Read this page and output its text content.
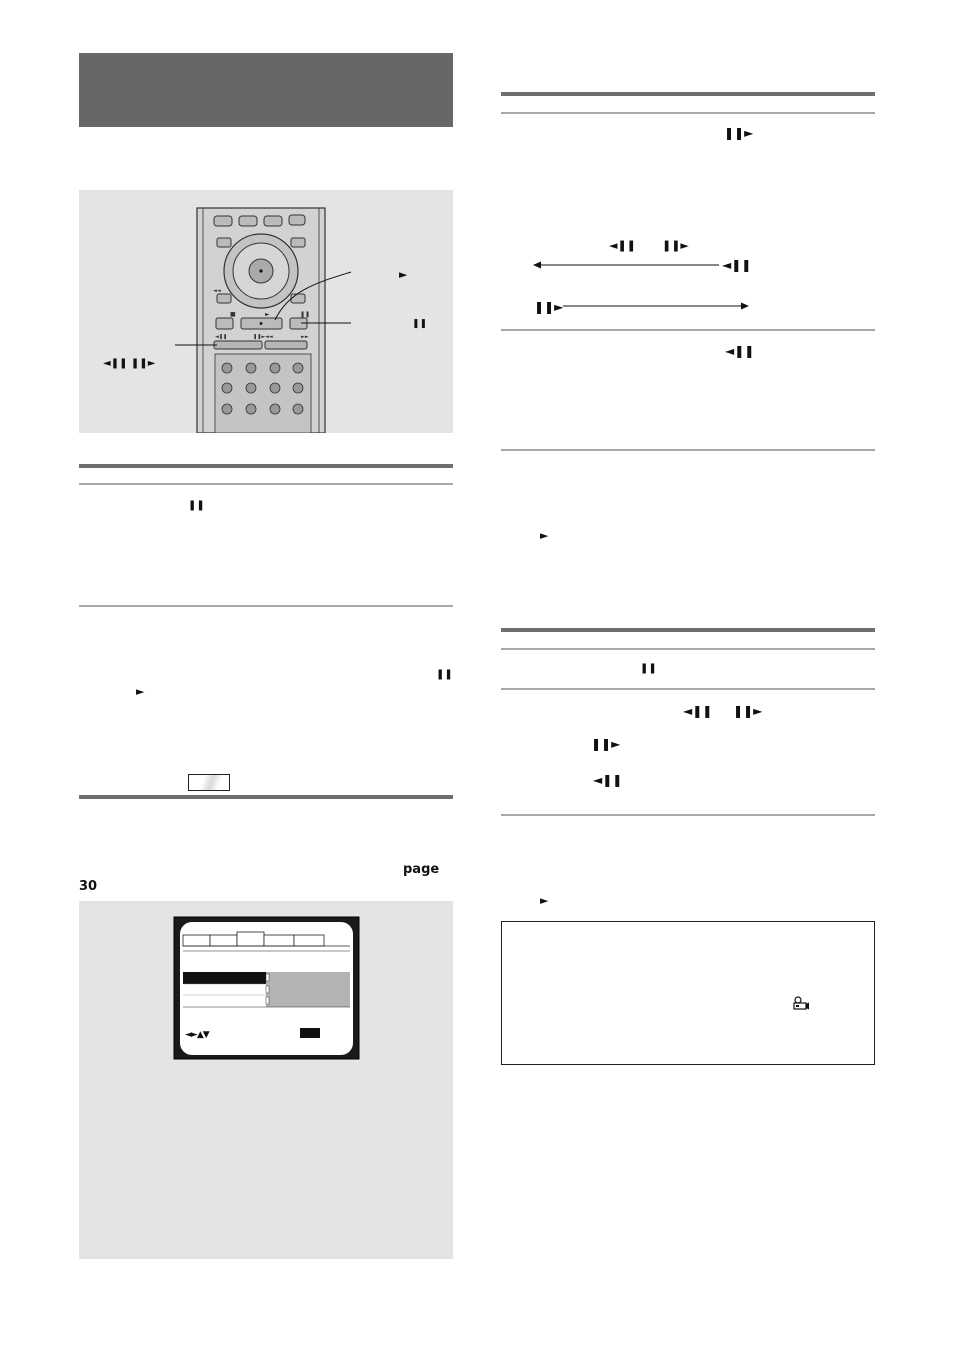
◄◄
■	►	❚❚
◄❚❚	❚❚► ◄◄	►►
►
❚❚
◄❚❚ ❚❚►
❚❚
❚❚
►
page
30
◄►▲▼
❚❚►
◄❚❚ ❚❚►
◄❚❚
❚❚►
◄❚❚
►
❚❚
◄❚❚ ❚❚►
❚❚►
◄❚❚
►
